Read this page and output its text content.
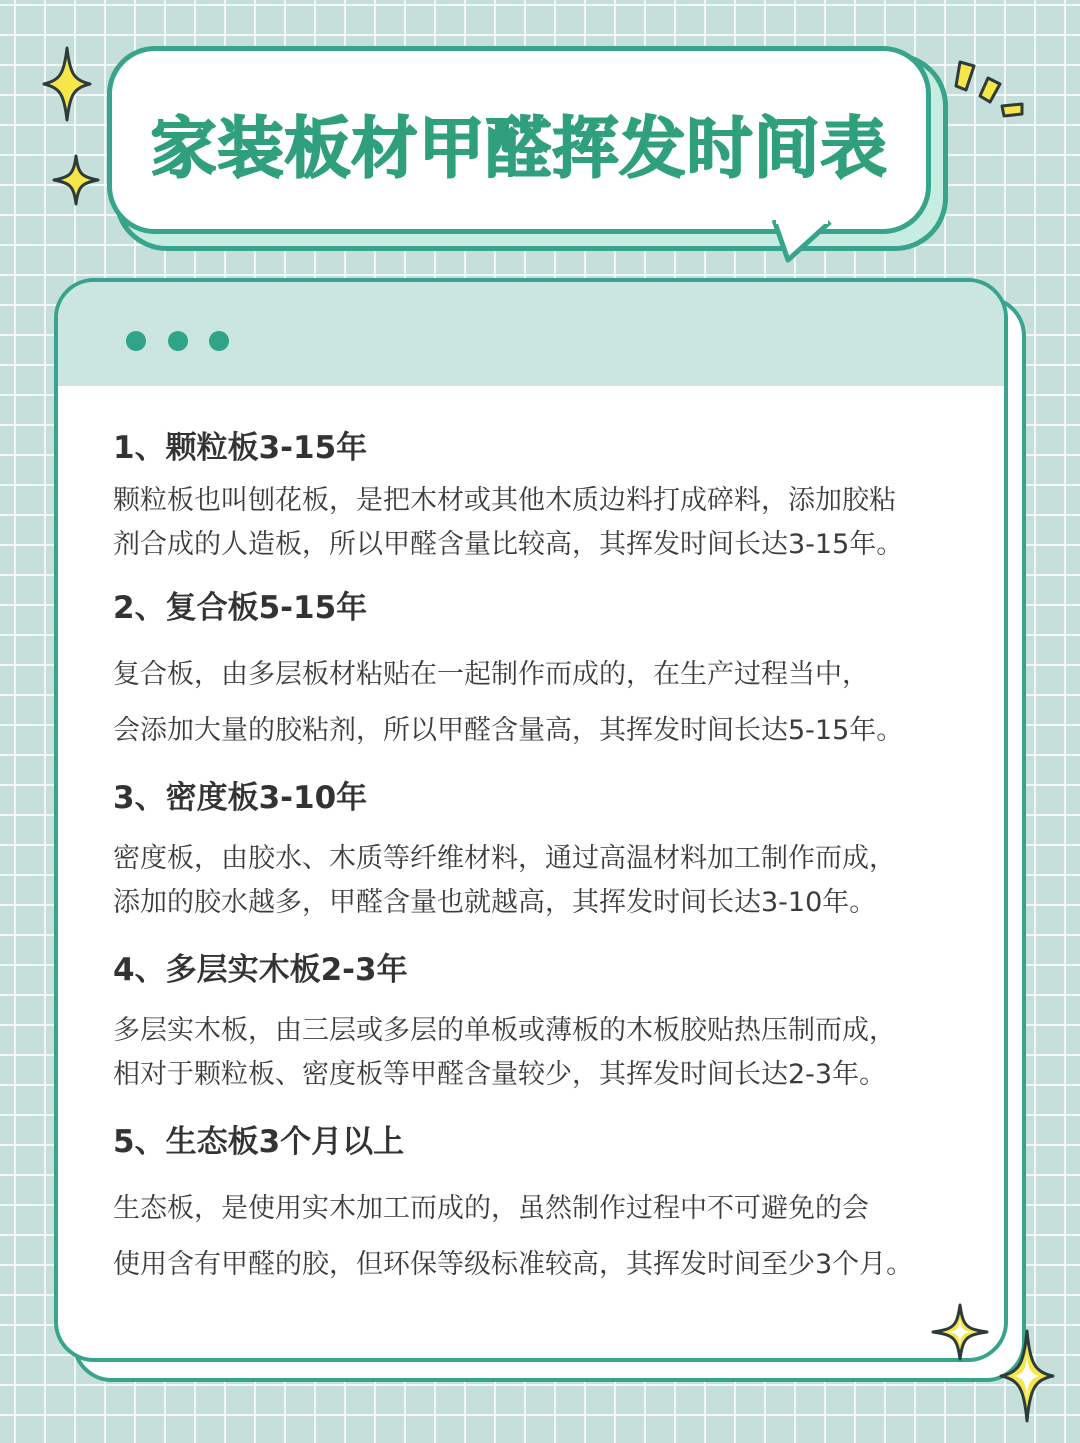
家装板材甲醛挥发时间表
1、颗粒板3-15年
颗粒板也叫刨花板，是把木材或其他木质边料打成碎料，添加胶粘
剂合成的人造板，所以甲醛含量比较高，其挥发时间长达3-15年。
2、复合板5-15年
复合板，由多层板材粘贴在一起制作而成的，在生产过程当中，
会添加大量的胶粘剂，所以甲醛含量高，其挥发时间长达5-15年。
3、密度板3-10年
密度板，由胶水、木质等纤维材料，通过高温材料加工制作而成，
添加的胶水越多，甲醛含量也就越高，其挥发时间长达3-10年。
4、多层实木板2-3年
多层实木板，由三层或多层的单板或薄板的木板胶贴热压制而成，
相对于颗粒板、密度板等甲醛含量较少，其挥发时间长达2-3年。
5、生态板3个月以上
生态板，是使用实木加工而成的，虽然制作过程中不可避免的会
使用含有甲醛的胶，但环保等级标准较高，其挥发时间至少3个月。
